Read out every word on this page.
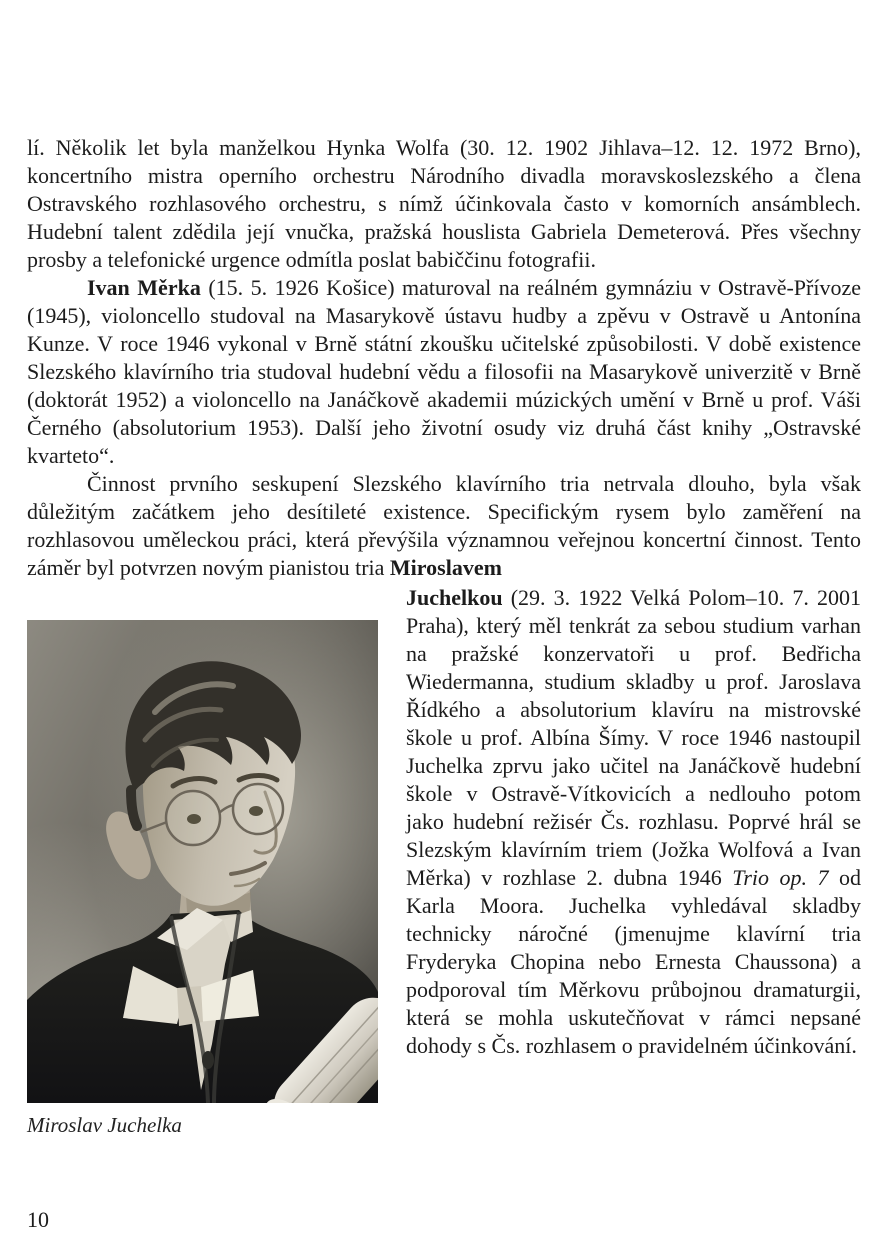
lí. Několik let byla manželkou Hynka Wolfa (30. 12. 1902 Jihlava–12. 12. 1972 Brno), koncertního mistra operního orchestru Národního divadla moravskoslezského a člena Ostravského rozhlasového orchestru, s nímž účinkovala často v komorních ansámblech. Hudební talent zdědila její vnučka, pražská houslista Gabriela Demeterová. Přes všechny prosby a telefonické urgence odmítla poslat babiččinu fotografii.

Ivan Měrka (15. 5. 1926 Košice) maturoval na reálném gymnáziu v Ostravě-Přívoze (1945), violoncello studoval na Masarykově ústavu hudby a zpěvu v Ostravě u Antonína Kunze. V roce 1946 vykonal v Brně státní zkoušku učitelské způsobilosti. V době existence Slezského klavírního tria studoval hudební vědu a filosofii na Masarykově univerzitě v Brně (doktorát 1952) a violoncello na Janáčkově akademii múzických umění v Brně u prof. Váši Černého (absolutorium 1953). Další jeho životní osudy viz druhá část knihy „Ostravské kvarteto“.

Činnost prvního seskupení Slezského klavírního tria netrvala dlouho, byla však důležitým začátkem jeho desítileté existence. Specifickým rysem bylo zaměření na rozhlasovou uměleckou práci, která převýšila významnou veřejnou koncertní činnost. Tento záměr byl potvrzen novým pianistou tria Miroslavem

Miroslav Juchelka

Juchelkou (29. 3. 1922 Velká Polom–10. 7. 2001 Praha), který měl tenkrát za sebou studium varhan na pražské konzervatoři u prof. Bedřicha Wiedermanna, studium skladby u prof. Jaroslava Řídkého a absolutorium klavíru na mistrovské škole u prof. Albína Šímy. V roce 1946 nastoupil Juchelka zprvu jako učitel na Janáčkově hudební škole v Ostravě-Vítkovicích a nedlouho potom jako hudební režisér Čs. rozhlasu. Poprvé hrál se Slezským klavírním triem (Jožka Wolfová a Ivan Měrka) v rozhlase 2. dubna 1946 Trio op. 7 od Karla Moora. Juchelka vyhledával skladby technicky náročné (jmenujme klavírní tria Fryderyka Chopina nebo Ernesta Chaussona) a podporoval tím Měrkovu průbojnou dramaturgii, která se mohla uskutečňovat v rámci nepsané dohody s Čs. rozhlasem o pravidelném účinkování.

10
